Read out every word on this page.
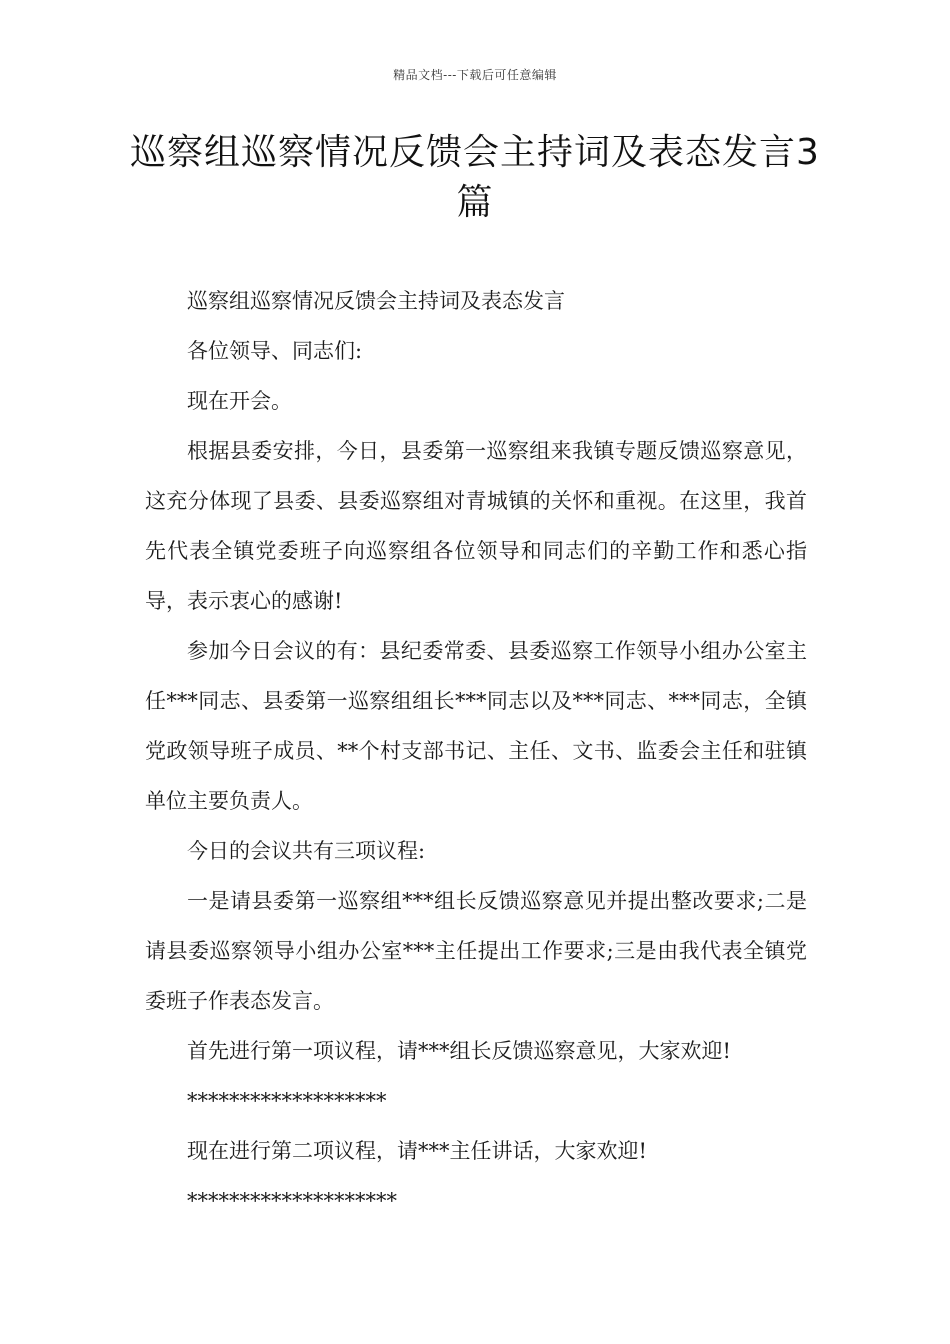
精品文档---下载后可任意编辑
巡察组巡察情况反馈会主持词及表态发言3篇

巡察组巡察情况反馈会主持词及表态发言

各位领导、同志们:

现在开会。

根据县委安排，今日，县委第一巡察组来我镇专题反馈巡察意见，这充分体现了县委、县委巡察组对青城镇的关怀和重视。在这里，我首先代表全镇党委班子向巡察组各位领导和同志们的辛勤工作和悉心指导，表示衷心的感谢!

参加今日会议的有：县纪委常委、县委巡察工作领导小组办公室主任***同志、县委第一巡察组组长***同志以及***同志、***同志，全镇党政领导班子成员、**个村支部书记、主任、文书、监委会主任和驻镇单位主要负责人。

今日的会议共有三项议程:

一是请县委第一巡察组***组长反馈巡察意见并提出整改要求;二是请县委巡察领导小组办公室***主任提出工作要求;三是由我代表全镇党委班子作表态发言。

首先进行第一项议程，请***组长反馈巡察意见，大家欢迎!

*******************

现在进行第二项议程，请***主任讲话，大家欢迎!

********************
